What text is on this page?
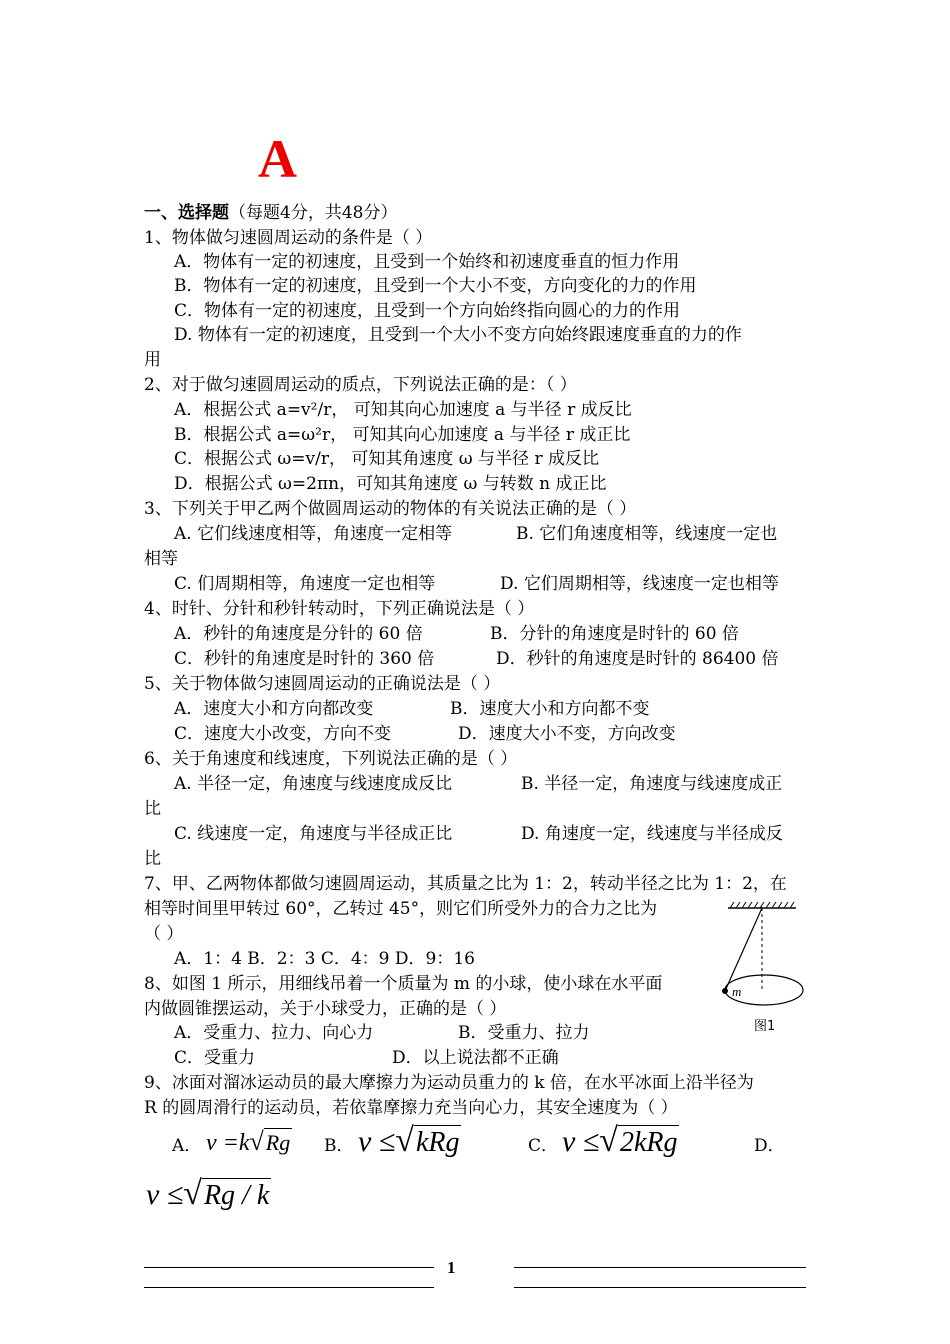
A
一、选择题（每题4分，共48分）
1、物体做匀速圆周运动的条件是（ ）
A．物体有一定的初速度，且受到一个始终和初速度垂直的恒力作用
B．物体有一定的初速度，且受到一个大小不变，方向变化的力的作用
C．物体有一定的初速度，且受到一个方向始终指向圆心的力的作用
D. 物体有一定的初速度，且受到一个大小不变方向始终跟速度垂直的力的作
用
2、对于做匀速圆周运动的质点，下列说法正确的是：（ ）
A．根据公式 a=v²/r， 可知其向心加速度 a 与半径 r 成反比
B．根据公式 a=ω²r， 可知其向心加速度 a 与半径 r 成正比
C．根据公式 ω=v/r， 可知其角速度 ω 与半径 r 成反比
D．根据公式 ω=2πn，可知其角速度 ω 与转数 n 成正比
3、下列关于甲乙两个做圆周运动的物体的有关说法正确的是（ ）
A. 它们线速度相等，角速度一定相等	B. 它们角速度相等，线速度一定也
相等
C. 们周期相等，角速度一定也相等	D. 它们周期相等，线速度一定也相等
4、时针、分针和秒针转动时，下列正确说法是（ ）
A．秒针的角速度是分针的 60 倍	B．分针的角速度是时针的 60 倍
C．秒针的角速度是时针的 360 倍	D．秒针的角速度是时针的 86400 倍
5、关于物体做匀速圆周运动的正确说法是（ ）
A．速度大小和方向都改变	B．速度大小和方向都不变
C．速度大小改变，方向不变	D．速度大小不变，方向改变
6、关于角速度和线速度，下列说法正确的是（ ）
A. 半径一定，角速度与线速度成反比	B. 半径一定，角速度与线速度成正
比
C. 线速度一定，角速度与半径成正比	D. 角速度一定，线速度与半径成反
比
7、甲、乙两物体都做匀速圆周运动，其质量之比为 1：2，转动半径之比为 1：2，在
相等时间里甲转过 60°，乙转过 45°，则它们所受外力的合力之比为
（ ）
A．1：4 B．2：3 C．4：9 D．9：16
8、如图 1 所示，用细线吊着一个质量为 m 的小球，使小球在水平面
内做圆锥摆运动，关于小球受力，正确的是（ ）
A．受重力、拉力、向心力	B．受重力、拉力
C．受重力	D．以上说法都不正确
m
图1
9、冰面对溜冰运动员的最大摩擦力为运动员重力的 k 倍，在水平冰面上沿半径为
R 的圆周滑行的运动员，若依靠摩擦力充当向心力，其安全速度为（ ）
A． v =k√Rg B． v ≤√kRg	C． v ≤√2kRg	D．
v ≤√Rg / k
1
